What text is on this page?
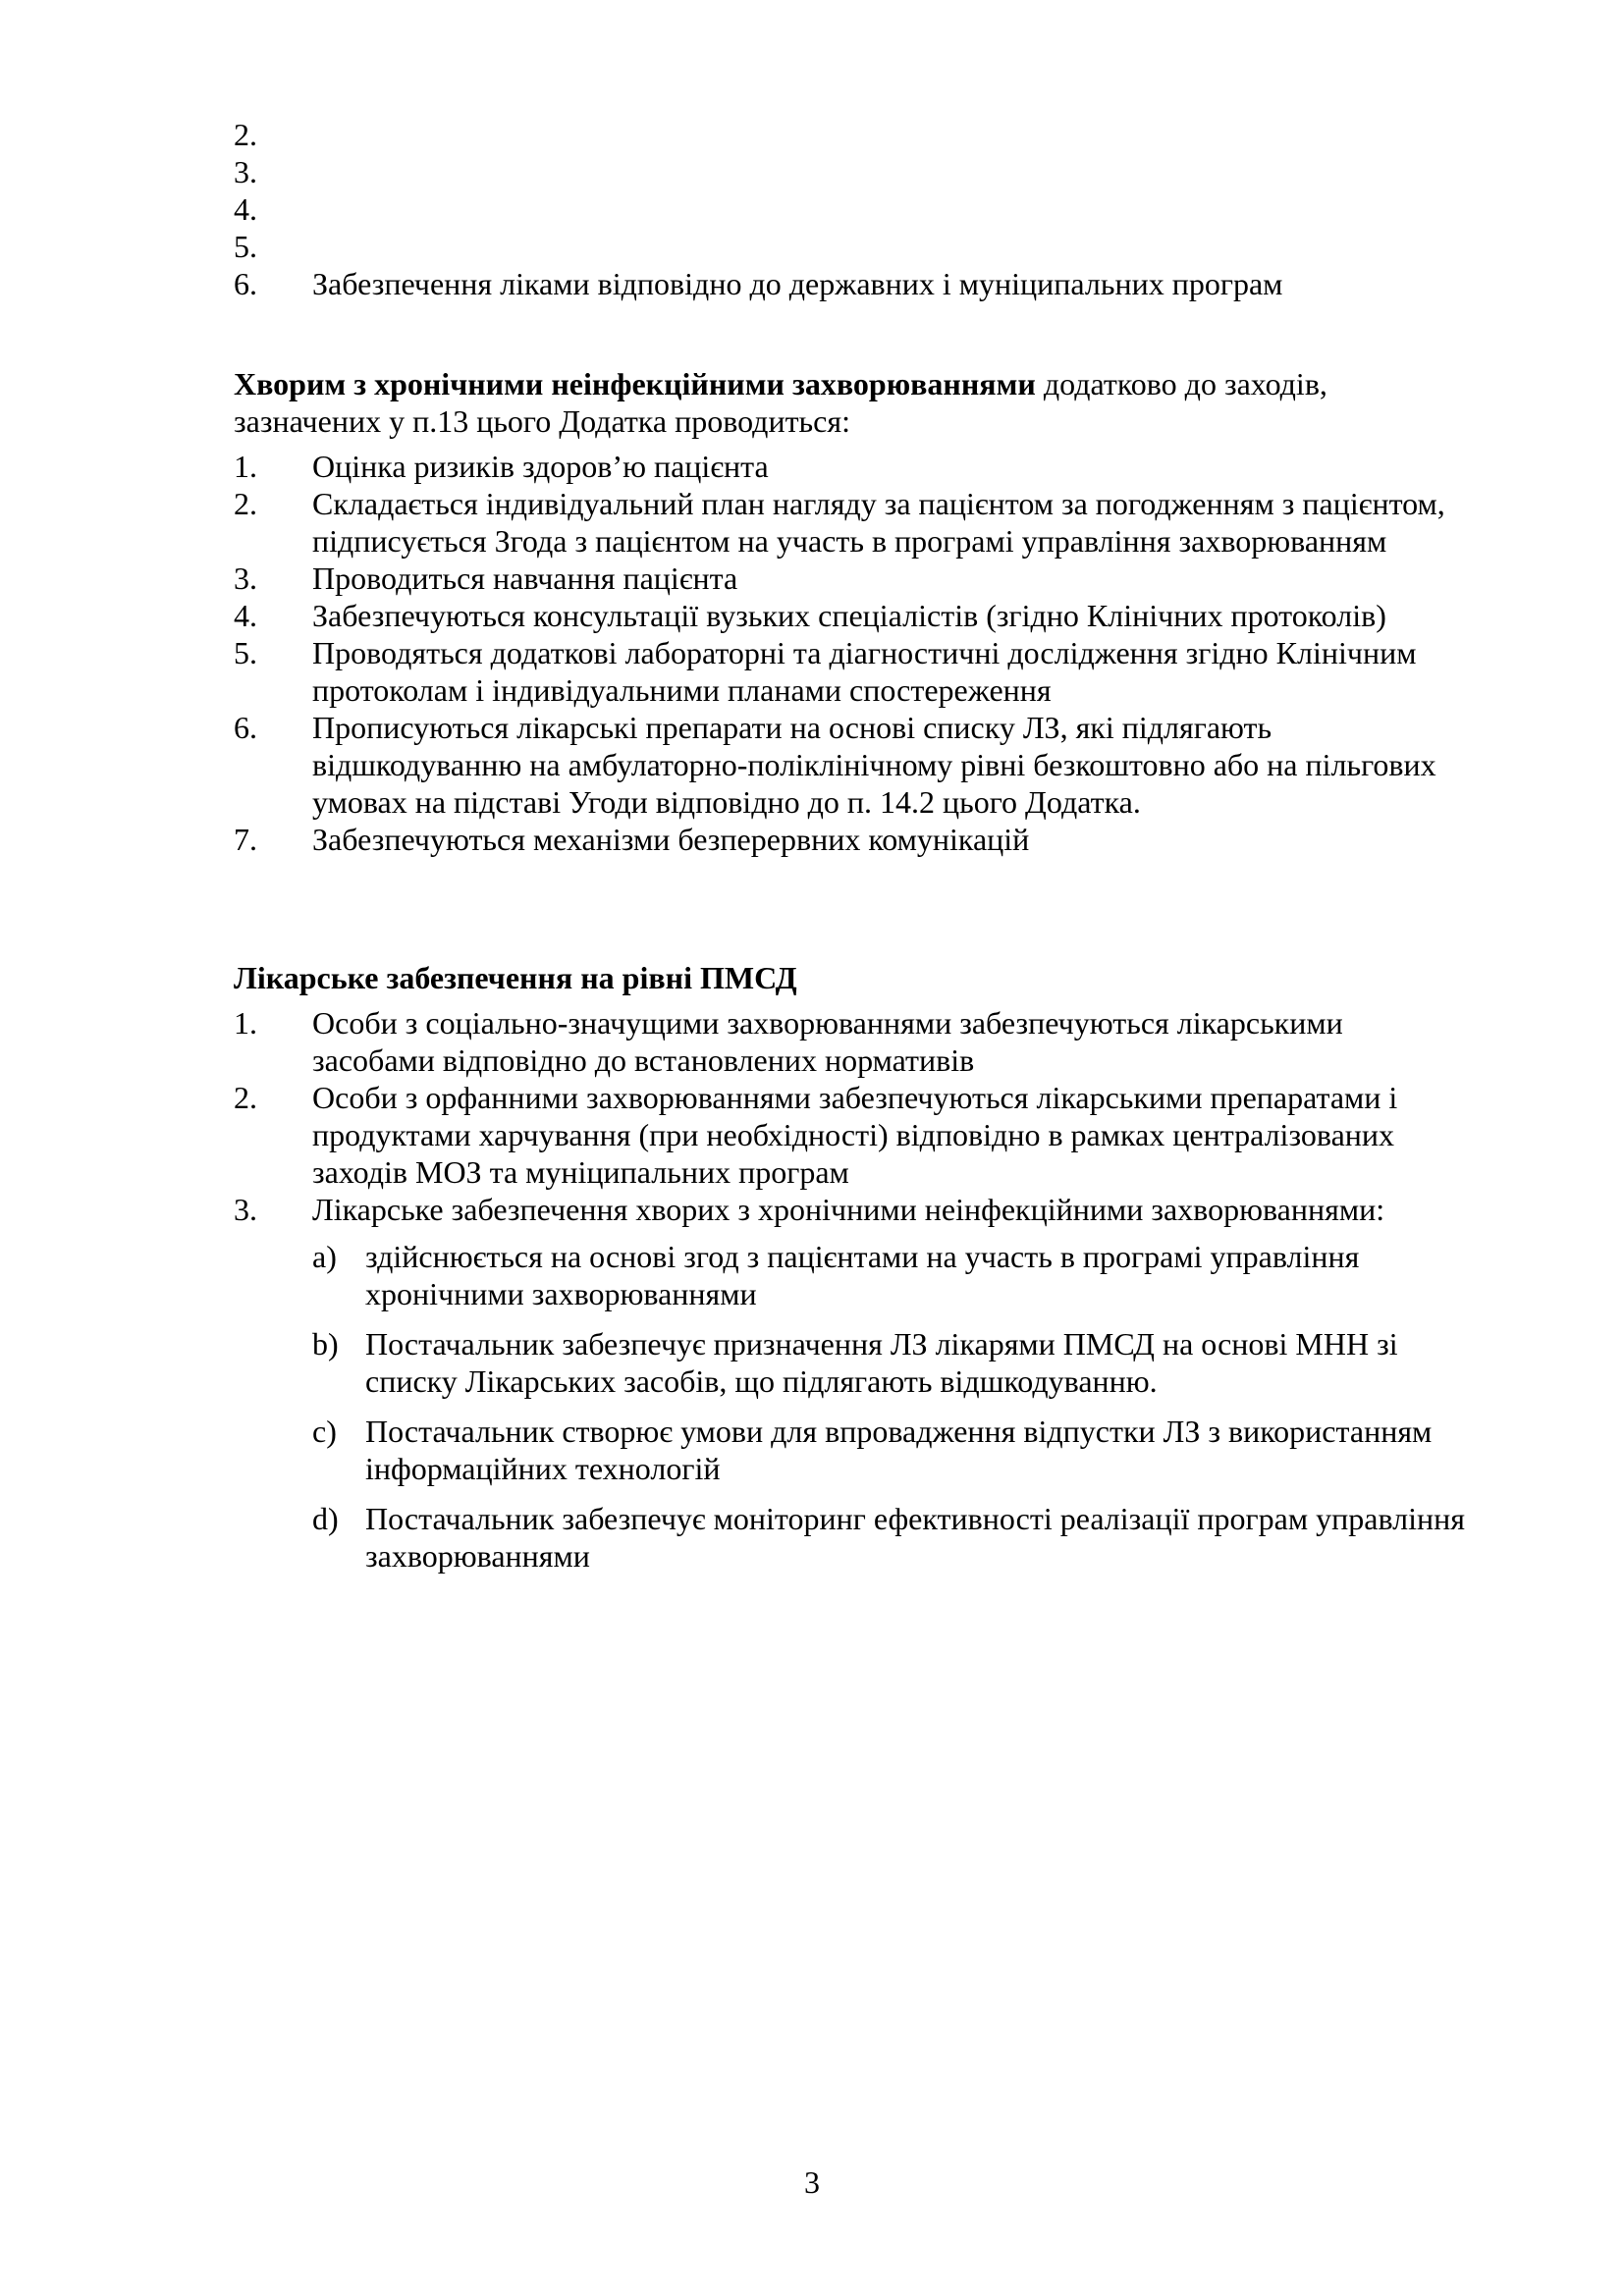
2.
3.
4.
5.
6.	Забезпечення ліками відповідно до державних і муніципальних програм

Хворим з хронічними неінфекційними захворюваннями додатково до заходів, зазначених у п.13 цього Додатка проводиться:

1.	Оцінка ризиків здоров’ю пацієнта
2.	Складається індивідуальний план нагляду за пацієнтом за погодженням з пацієнтом, підписується Згода з пацієнтом на участь в програмі управління захворюванням
3.	Проводиться навчання пацієнта
4.	Забезпечуються консультації вузьких спеціалістів (згідно Клінічних протоколів)
5.	Проводяться додаткові лабораторні та діагностичні дослідження згідно Клінічним протоколам і індивідуальними планами спостереження
6.	Прописуються лікарські препарати на основі списку ЛЗ, які підлягають відшкодуванню на амбулаторно-поліклінічному рівні безкоштовно або на пільгових умовах на підставі Угоди відповідно до п. 14.2 цього Додатка.
7.	Забезпечуються механізми безперервних комунікацій

Лікарське забезпечення на рівні ПМСД

1.	Особи з соціально-значущими захворюваннями забезпечуються лікарськими засобами відповідно до встановлених нормативів
2.	Особи з орфанними захворюваннями забезпечуються лікарськими препаратами і продуктами харчування (при необхідності) відповідно в рамках централізованих заходів МОЗ та муніципальних програм
3.	Лікарське забезпечення хворих з хронічними неінфекційними захворюваннями:
a) здійснюється на основі згод з пацієнтами на участь в програмі управління хронічними захворюваннями
b) Постачальник забезпечує призначення ЛЗ лікарями ПМСД на основі МНН зі списку Лікарських засобів, що підлягають відшкодуванню.
c) Постачальник створює умови для впровадження відпустки ЛЗ з використанням інформаційних технологій
d) Постачальник забезпечує моніторинг ефективності реалізації програм управління захворюваннями
3
